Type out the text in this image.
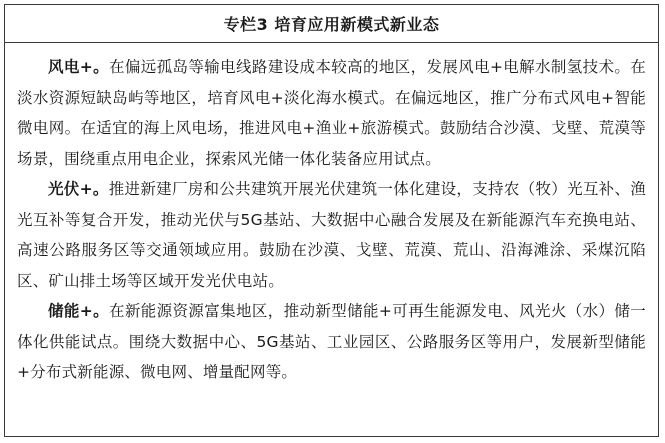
专栏3 培育应用新模式新业态

风电+。在偏远孤岛等输电线路建设成本较高的地区，发展风电+电解水制氢技术。在淡水资源短缺岛屿等地区，培育风电+淡化海水模式。在偏远地区，推广分布式风电+智能微电网。在适宜的海上风电场，推进风电+渔业+旅游模式。鼓励结合沙漠、戈壁、荒漠等场景，围绕重点用电企业，探索风光储一体化装备应用试点。

光伏+。推进新建厂房和公共建筑开展光伏建筑一体化建设，支持农（牧）光互补、渔光互补等复合开发，推动光伏与5G基站、大数据中心融合发展及在新能源汽车充换电站、高速公路服务区等交通领域应用。鼓励在沙漠、戈壁、荒漠、荒山、沿海滩涂、采煤沉陷区、矿山排土场等区域开发光伏电站。

储能+。在新能源资源富集地区，推动新型储能+可再生能源发电、风光火（水）储一体化供能试点。围绕大数据中心、5G基站、工业园区、公路服务区等用户，发展新型储能+分布式新能源、微电网、增量配网等。
